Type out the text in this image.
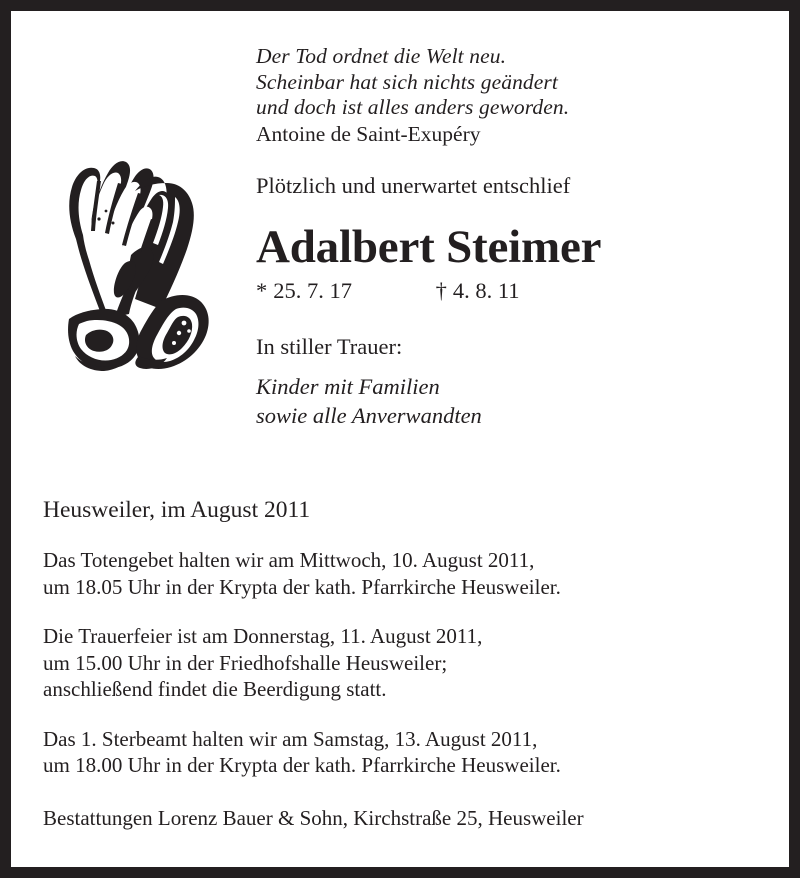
Der Tod ordnet die Welt neu.
Scheinbar hat sich nichts geändert
und doch ist alles anders geworden.
Antoine de Saint-Exupéry
Plötzlich und unerwartet entschlief
Adalbert Steimer
* 25. 7. 17	† 4. 8. 11
In stiller Trauer:
Kinder mit Familien
sowie alle Anverwandten
Heusweiler, im August 2011
Das Totengebet halten wir am Mittwoch, 10. August 2011,
um 18.05 Uhr in der Krypta der kath. Pfarrkirche Heusweiler.
Die Trauerfeier ist am Donnerstag, 11. August 2011,
um 15.00 Uhr in der Friedhofshalle Heusweiler;
anschließend findet die Beerdigung statt.
Das 1. Sterbeamt halten wir am Samstag, 13. August 2011,
um 18.00 Uhr in der Krypta der kath. Pfarrkirche Heusweiler.
Bestattungen Lorenz Bauer & Sohn, Kirchstraße 25, Heusweiler
